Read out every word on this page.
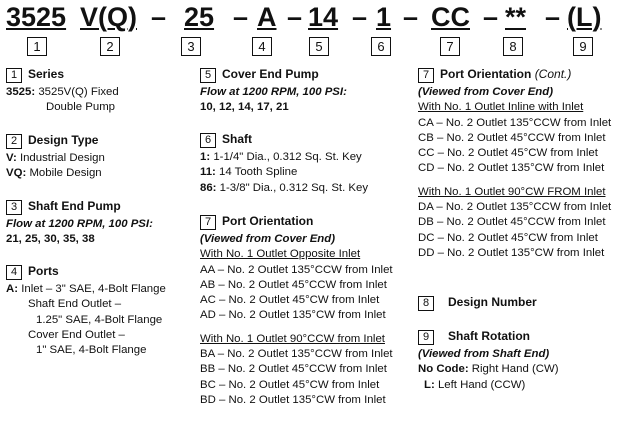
3525 V(Q) – 25 – A – 14 – 1 – CC – ** – (L)
1	2	3	4	5	6	7	8	9
1 Series
3525: 3525V(Q) Fixed
Double Pump
2 Design Type
V: Industrial Design
VQ: Mobile Design
3 Shaft End Pump
Flow at 1200 RPM, 100 PSI:
21, 25, 30, 35, 38
4 Ports
A: Inlet – 3" SAE, 4-Bolt Flange
Shaft End Outlet –
1.25" SAE, 4-Bolt Flange
Cover End Outlet –
1" SAE, 4-Bolt Flange
5 Cover End Pump
Flow at 1200 RPM, 100 PSI:
10, 12, 14, 17, 21
6 Shaft
1: 1-1/4" Dia., 0.312 Sq. St. Key
11: 14 Tooth Spline
86: 1-3/8" Dia., 0.312 Sq. St. Key
7 Port Orientation
(Viewed from Cover End)
With No. 1 Outlet Opposite Inlet
AA – No. 2 Outlet 135°CCW from Inlet
AB – No. 2 Outlet 45°CCW from Inlet
AC – No. 2 Outlet 45°CW from Inlet
AD – No. 2 Outlet 135°CW from Inlet
With No. 1 Outlet 90°CCW from Inlet
BA – No. 2 Outlet 135°CCW from Inlet
BB – No. 2 Outlet 45°CCW from Inlet
BC – No. 2 Outlet 45°CW from Inlet
BD – No. 2 Outlet 135°CW from Inlet
7 Port Orientation (Cont.)
(Viewed from Cover End)
With No. 1 Outlet Inline with Inlet
CA – No. 2 Outlet 135°CCW from Inlet
CB – No. 2 Outlet 45°CCW from Inlet
CC – No. 2 Outlet 45°CW from Inlet
CD – No. 2 Outlet 135°CW from Inlet
With No. 1 Outlet 90°CW FROM Inlet
DA – No. 2 Outlet 135°CCW from Inlet
DB – No. 2 Outlet 45°CCW from Inlet
DC – No. 2 Outlet 45°CW from Inlet
DD – No. 2 Outlet 135°CW from Inlet
8	Design Number
9	Shaft Rotation
(Viewed from Shaft End)
No Code: Right Hand (CW)
L: Left Hand (CCW)
